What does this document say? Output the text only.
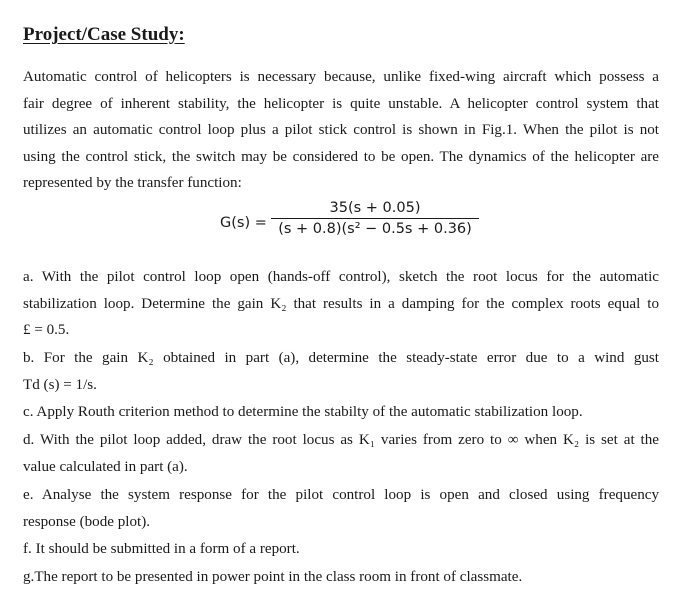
Project/Case Study:
Automatic control of helicopters is necessary because, unlike fixed-wing aircraft which possess a
fair degree of inherent stability, the helicopter is quite unstable. A helicopter control system that
utilizes an automatic control loop plus a pilot stick control is shown in Fig.1. When the pilot is not
using the control stick, the switch may be considered to be open. The dynamics of the helicopter are
represented by the transfer function:
G(s) =
35(s + 0.05)
(s + 0.8)(s² − 0.5s + 0.36)
a. With the pilot control loop open (hands-off control), sketch the root locus for the automatic
stabilization loop. Determine the gain K₂ that results in a damping for the complex roots equal to
£ = 0.5.
b. For the gain K₂ obtained in part (a), determine the steady-state error due to a wind gust
Td (s) = 1/s.
c. Apply Routh criterion method to determine the stabilty of the automatic stabilization loop.
d. With the pilot loop added, draw the root locus as K₁ varies from zero to ∞ when K₂ is set at the
value calculated in part (a).
e. Analyse the system response for the pilot control loop is open and closed using frequency
response (bode plot).
f. It should be submitted in a form of a report.
g.The report to be presented in power point in the class room in front of classmate.
